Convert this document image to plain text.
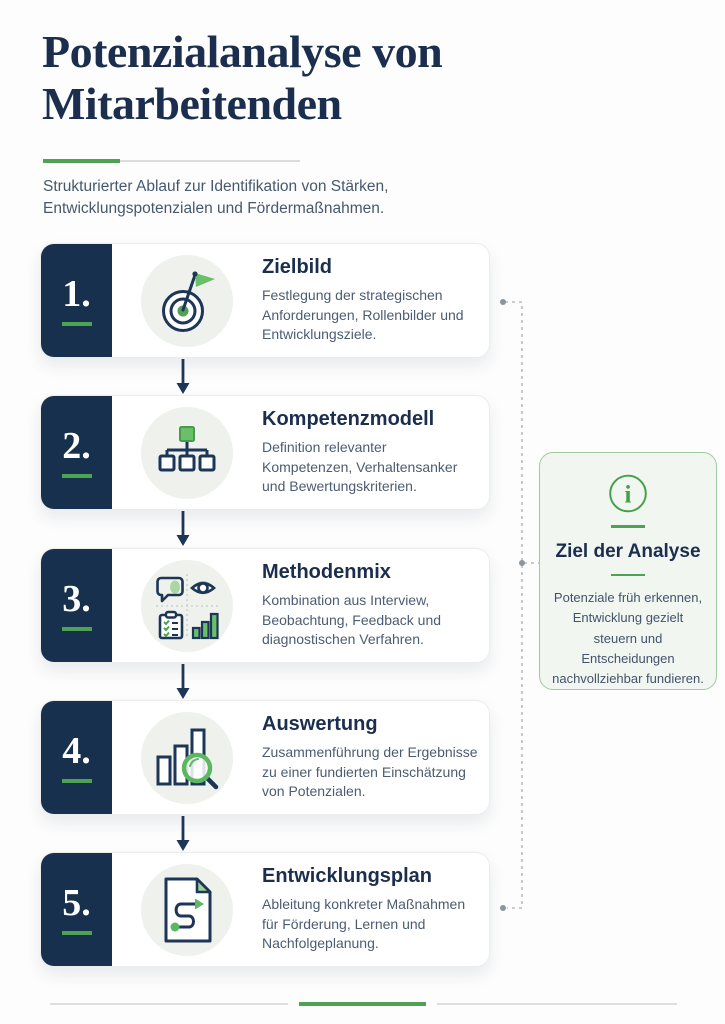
Potenzialanalyse von
Mitarbeitenden

Strukturierter Ablauf zur Identifikation von Stärken,
Entwicklungspotenzialen und Fördermaßnahmen.

1.
Zielbild
Festlegung der strategischen Anforderungen, Rollenbilder und Entwicklungsziele.
2.
Kompetenzmodell
Definition relevanter Kompetenzen, Verhaltensanker und Bewertungskriterien.
3.
Methodenmix
Kombination aus Interview, Beobachtung, Feedback und diagnostischen Verfahren.
4.
Auswertung
Zusammenführung der Ergebnisse zu einer fundierten Einschätzung von Potenzialen.
5.
Entwicklungsplan
Ableitung konkreter Maßnahmen für Förderung, Lernen und Nachfolgeplanung.
i
Ziel der Analyse

Potenziale früh erkennen, Entwicklung gezielt steuern und Entscheidungen nachvollziehbar fundieren.
